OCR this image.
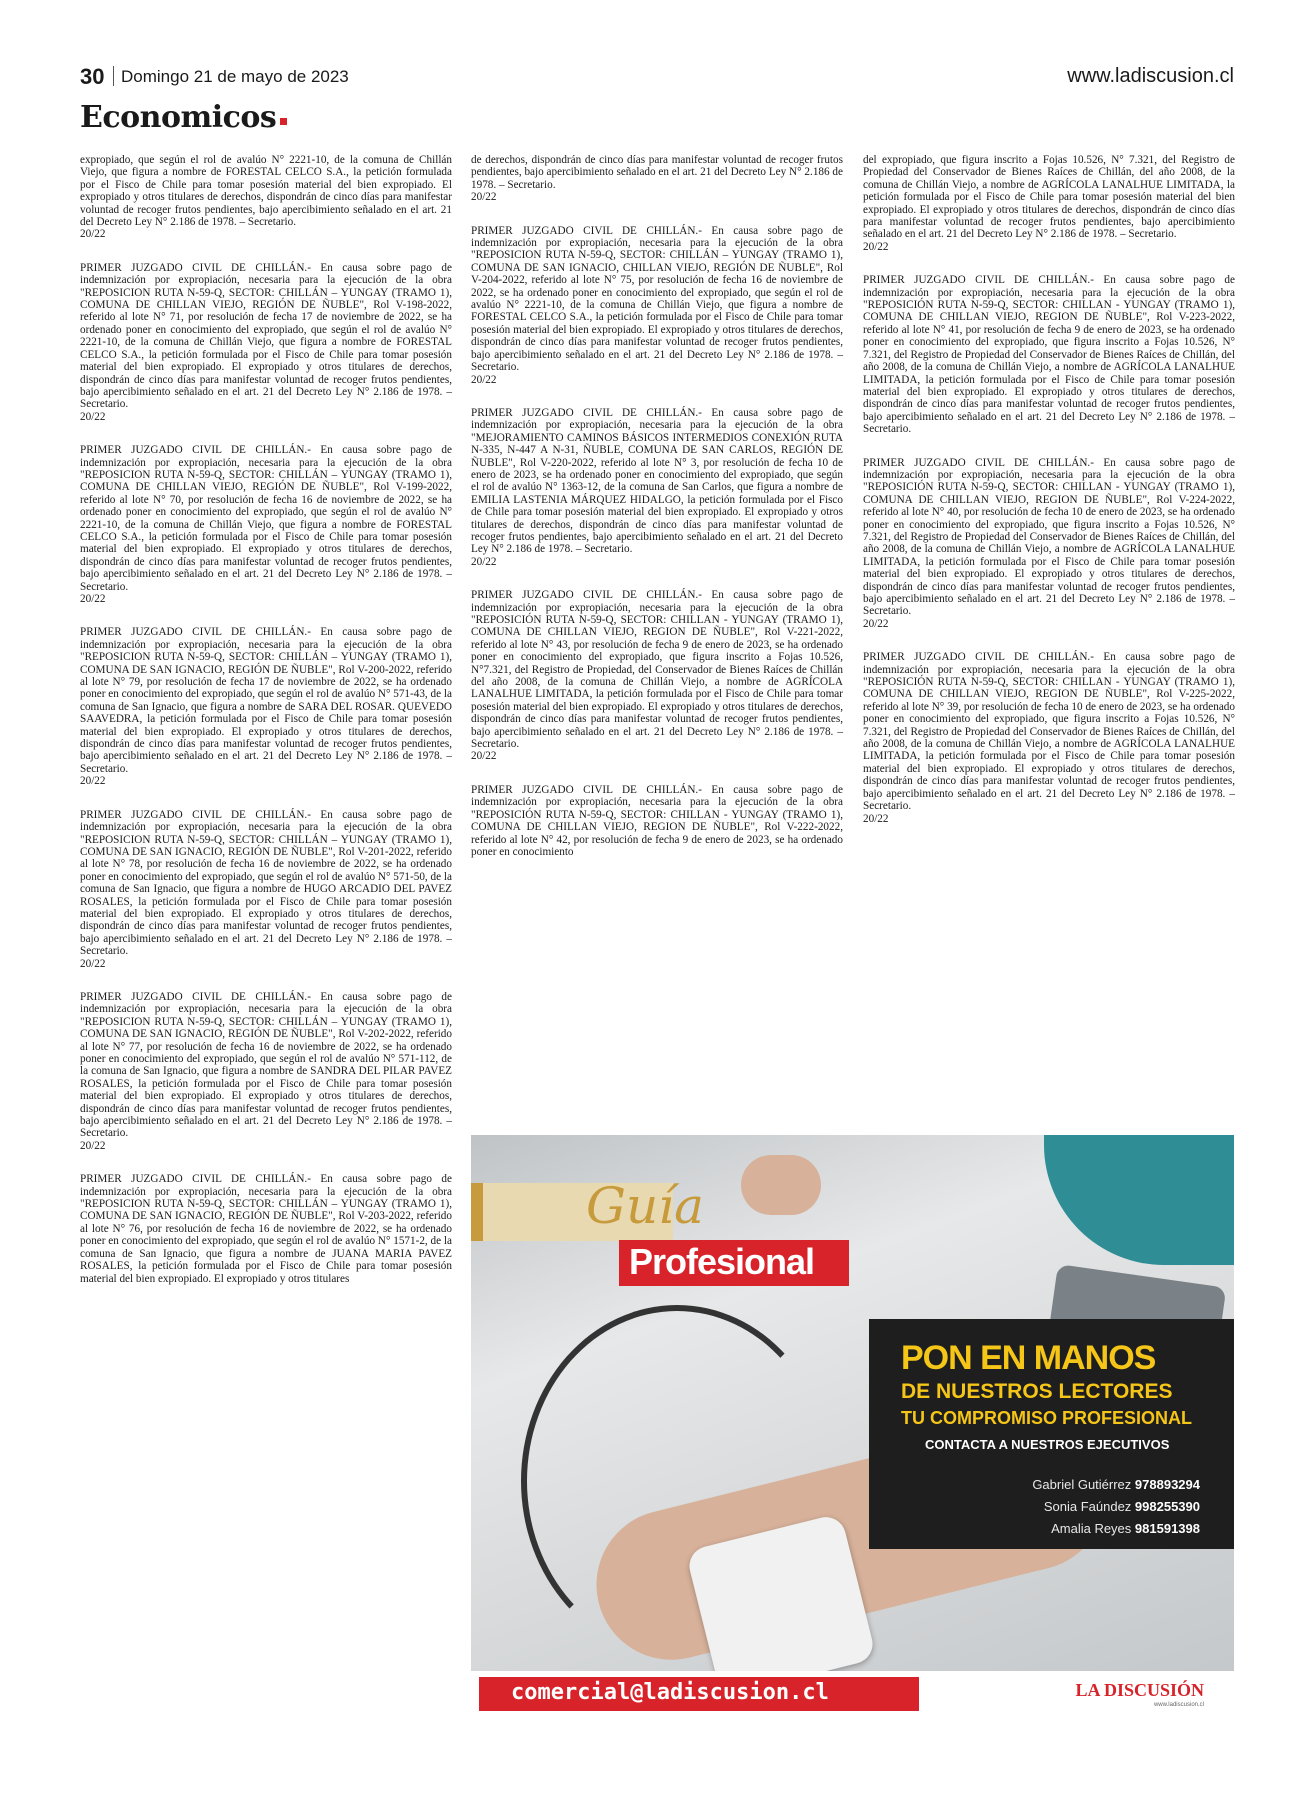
30 Domingo 21 de mayo de 2023	www.ladiscusion.cl
Economicos

expropiado, que según el rol de avalúo N° 2221-10, de la comuna de Chillán Viejo, que figura a nombre de FORESTAL CELCO S.A., la petición formulada por el Fisco de Chile para tomar posesión material del bien expropiado. El expropiado y otros titulares de derechos, dispondrán de cinco días para manifestar voluntad de recoger frutos pendientes, bajo apercibimiento señalado en el art. 21 del Decreto Ley N° 2.186 de 1978. – Secretario.
20/22

PRIMER JUZGADO CIVIL DE CHILLÁN.- En causa sobre pago de indemnización por expropiación, necesaria para la ejecución de la obra "REPOSICION RUTA N-59-Q, SECTOR: CHILLÁN – YUNGAY (TRAMO 1), COMUNA DE CHILLAN VIEJO, REGIÓN DE ÑUBLE", Rol V-198-2022, referido al lote N° 71, por resolución de fecha 17 de noviembre de 2022, se ha ordenado poner en conocimiento del expropiado, que según el rol de avalúo N° 2221-10, de la comuna de Chillán Viejo, que figura a nombre de FORESTAL CELCO S.A., la petición formulada por el Fisco de Chile para tomar posesión material del bien expropiado. El expropiado y otros titulares de derechos, dispondrán de cinco días para manifestar voluntad de recoger frutos pendientes, bajo apercibimiento señalado en el art. 21 del Decreto Ley N° 2.186 de 1978. – Secretario.
20/22

PRIMER JUZGADO CIVIL DE CHILLÁN.- En causa sobre pago de indemnización por expropiación, necesaria para la ejecución de la obra "REPOSICION RUTA N-59-Q, SECTOR: CHILLÁN – YUNGAY (TRAMO 1), COMUNA DE CHILLAN VIEJO, REGIÓN DE ÑUBLE", Rol V-199-2022, referido al lote N° 70, por resolución de fecha 16 de noviembre de 2022, se ha ordenado poner en conocimiento del expropiado, que según el rol de avalúo N° 2221-10, de la comuna de Chillán Viejo, que figura a nombre de FORESTAL CELCO S.A., la petición formulada por el Fisco de Chile para tomar posesión material del bien expropiado. El expropiado y otros titulares de derechos, dispondrán de cinco días para manifestar voluntad de recoger frutos pendientes, bajo apercibimiento señalado en el art. 21 del Decreto Ley N° 2.186 de 1978. – Secretario.
20/22

PRIMER JUZGADO CIVIL DE CHILLÁN.- En causa sobre pago de indemnización por expropiación, necesaria para la ejecución de la obra "REPOSICION RUTA N-59-Q, SECTOR: CHILLÁN – YUNGAY (TRAMO 1), COMUNA DE SAN IGNACIO, REGIÓN DE ÑUBLE", Rol V-200-2022, referido al lote N° 79, por resolución de fecha 17 de noviembre de 2022, se ha ordenado poner en conocimiento del expropiado, que según el rol de avalúo N° 571-43, de la comuna de San Ignacio, que figura a nombre de SARA DEL ROSAR. QUEVEDO SAAVEDRA, la petición formulada por el Fisco de Chile para tomar posesión material del bien expropiado. El expropiado y otros titulares de derechos, dispondrán de cinco días para manifestar voluntad de recoger frutos pendientes, bajo apercibimiento señalado en el art. 21 del Decreto Ley N° 2.186 de 1978. – Secretario.
20/22

PRIMER JUZGADO CIVIL DE CHILLÁN.- En causa sobre pago de indemnización por expropiación, necesaria para la ejecución de la obra "REPOSICION RUTA N-59-Q, SECTOR: CHILLÁN – YUNGAY (TRAMO 1), COMUNA DE SAN IGNACIO, REGIÓN DE ÑUBLE", Rol V-201-2022, referido al lote N° 78, por resolución de fecha 16 de noviembre de 2022, se ha ordenado poner en conocimiento del expropiado, que según el rol de avalúo N° 571-50, de la comuna de San Ignacio, que figura a nombre de HUGO ARCADIO DEL PAVEZ ROSALES, la petición formulada por el Fisco de Chile para tomar posesión material del bien expropiado. El expropiado y otros titulares de derechos, dispondrán de cinco días para manifestar voluntad de recoger frutos pendientes, bajo apercibimiento señalado en el art. 21 del Decreto Ley N° 2.186 de 1978. – Secretario.
20/22

PRIMER JUZGADO CIVIL DE CHILLÁN.- En causa sobre pago de indemnización por expropiación, necesaria para la ejecución de la obra "REPOSICION RUTA N-59-Q, SECTOR: CHILLÁN – YUNGAY (TRAMO 1), COMUNA DE SAN IGNACIO, REGIÓN DE ÑUBLE", Rol V-202-2022, referido al lote N° 77, por resolución de fecha 16 de noviembre de 2022, se ha ordenado poner en conocimiento del expropiado, que según el rol de avalúo N° 571-112, de la comuna de San Ignacio, que figura a nombre de SANDRA DEL PILAR PAVEZ ROSALES, la petición formulada por el Fisco de Chile para tomar posesión material del bien expropiado. El expropiado y otros titulares de derechos, dispondrán de cinco días para manifestar voluntad de recoger frutos pendientes, bajo apercibimiento señalado en el art. 21 del Decreto Ley N° 2.186 de 1978. – Secretario.
20/22

PRIMER JUZGADO CIVIL DE CHILLÁN.- En causa sobre pago de indemnización por expropiación, necesaria para la ejecución de la obra "REPOSICION RUTA N-59-Q, SECTOR: CHILLÁN – YUNGAY (TRAMO 1), COMUNA DE SAN IGNACIO, REGIÓN DE ÑUBLE", Rol V-203-2022, referido al lote N° 76, por resolución de fecha 16 de noviembre de 2022, se ha ordenado poner en conocimiento del expropiado, que según el rol de avalúo N° 1571-2, de la comuna de San Ignacio, que figura a nombre de JUANA MARIA PAVEZ ROSALES, la petición formulada por el Fisco de Chile para tomar posesión material del bien expropiado. El expropiado y otros titulares

de derechos, dispondrán de cinco días para manifestar voluntad de recoger frutos pendientes, bajo apercibimiento señalado en el art. 21 del Decreto Ley N° 2.186 de 1978. – Secretario.
20/22

PRIMER JUZGADO CIVIL DE CHILLÁN.- En causa sobre pago de indemnización por expropiación, necesaria para la ejecución de la obra "REPOSICION RUTA N-59-Q, SECTOR: CHILLÁN – YUNGAY (TRAMO 1), COMUNA DE SAN IGNACIO, CHILLAN VIEJO, REGIÓN DE ÑUBLE", Rol V-204-2022, referido al lote N° 75, por resolución de fecha 16 de noviembre de 2022, se ha ordenado poner en conocimiento del expropiado, que según el rol de avalúo N° 2221-10, de la comuna de Chillán Viejo, que figura a nombre de FORESTAL CELCO S.A., la petición formulada por el Fisco de Chile para tomar posesión material del bien expropiado. El expropiado y otros titulares de derechos, dispondrán de cinco días para manifestar voluntad de recoger frutos pendientes, bajo apercibimiento señalado en el art. 21 del Decreto Ley N° 2.186 de 1978. – Secretario.
20/22

PRIMER JUZGADO CIVIL DE CHILLÁN.- En causa sobre pago de indemnización por expropiación, necesaria para la ejecución de la obra "MEJORAMIENTO CAMINOS BÁSICOS INTERMEDIOS CONEXIÓN RUTA N-335, N-447 A N-31, ÑUBLE, COMUNA DE SAN CARLOS, REGIÓN DE ÑUBLE", Rol V-220-2022, referido al lote N° 3, por resolución de fecha 10 de enero de 2023, se ha ordenado poner en conocimiento del expropiado, que según el rol de avalúo N° 1363-12, de la comuna de San Carlos, que figura a nombre de EMILIA LASTENIA MÁRQUEZ HIDALGO, la petición formulada por el Fisco de Chile para tomar posesión material del bien expropiado. El expropiado y otros titulares de derechos, dispondrán de cinco días para manifestar voluntad de recoger frutos pendientes, bajo apercibimiento señalado en el art. 21 del Decreto Ley N° 2.186 de 1978. – Secretario.
20/22

PRIMER JUZGADO CIVIL DE CHILLÁN.- En causa sobre pago de indemnización por expropiación, necesaria para la ejecución de la obra "REPOSICIÓN RUTA N-59-Q, SECTOR: CHILLAN - YUNGAY (TRAMO 1), COMUNA DE CHILLAN VIEJO, REGION DE ÑUBLE", Rol V-221-2022, referido al lote N° 43, por resolución de fecha 9 de enero de 2023, se ha ordenado poner en conocimiento del expropiado, que figura inscrito a Fojas 10.526, N°7.321, del Registro de Propiedad, del Conservador de Bienes Raíces de Chillán del año 2008, de la comuna de Chillán Viejo, a nombre de AGRÍCOLA LANALHUE LIMITADA, la petición formulada por el Fisco de Chile para tomar posesión material del bien expropiado. El expropiado y otros titulares de derechos, dispondrán de cinco días para manifestar voluntad de recoger frutos pendientes, bajo apercibimiento señalado en el art. 21 del Decreto Ley N° 2.186 de 1978. – Secretario.
20/22

PRIMER JUZGADO CIVIL DE CHILLÁN.- En causa sobre pago de indemnización por expropiación, necesaria para la ejecución de la obra "REPOSICIÓN RUTA N-59-Q, SECTOR: CHILLAN - YUNGAY (TRAMO 1), COMUNA DE CHILLAN VIEJO, REGION DE ÑUBLE", Rol V-222-2022, referido al lote N° 42, por resolución de fecha 9 de enero de 2023, se ha ordenado poner en conocimiento

del expropiado, que figura inscrito a Fojas 10.526, N° 7.321, del Registro de Propiedad del Conservador de Bienes Raíces de Chillán, del año 2008, de la comuna de Chillán Viejo, a nombre de AGRÍCOLA LANALHUE LIMITADA, la petición formulada por el Fisco de Chile para tomar posesión material del bien expropiado. El expropiado y otros titulares de derechos, dispondrán de cinco días para manifestar voluntad de recoger frutos pendientes, bajo apercibimiento señalado en el art. 21 del Decreto Ley N° 2.186 de 1978. – Secretario.
20/22

PRIMER JUZGADO CIVIL DE CHILLÁN.- En causa sobre pago de indemnización por expropiación, necesaria para la ejecución de la obra "REPOSICIÓN RUTA N-59-Q, SECTOR: CHILLAN - YUNGAY (TRAMO 1), COMUNA DE CHILLAN VIEJO, REGION DE ÑUBLE", Rol V-223-2022, referido al lote N° 41, por resolución de fecha 9 de enero de 2023, se ha ordenado poner en conocimiento del expropiado, que figura inscrito a Fojas 10.526, N° 7.321, del Registro de Propiedad del Conservador de Bienes Raíces de Chillán, del año 2008, de la comuna de Chillán Viejo, a nombre de AGRÍCOLA LANALHUE LIMITADA, la petición formulada por el Fisco de Chile para tomar posesión material del bien expropiado. El expropiado y otros titulares de derechos, dispondrán de cinco días para manifestar voluntad de recoger frutos pendientes, bajo apercibimiento señalado en el art. 21 del Decreto Ley N° 2.186 de 1978. – Secretario.

PRIMER JUZGADO CIVIL DE CHILLÁN.- En causa sobre pago de indemnización por expropiación, necesaria para la ejecución de la obra "REPOSICIÓN RUTA N-59-Q, SECTOR: CHILLAN - YUNGAY (TRAMO 1), COMUNA DE CHILLAN VIEJO, REGION DE ÑUBLE", Rol V-224-2022, referido al lote N° 40, por resolución de fecha 10 de enero de 2023, se ha ordenado poner en conocimiento del expropiado, que figura inscrito a Fojas 10.526, N° 7.321, del Registro de Propiedad del Conservador de Bienes Raíces de Chillán, del año 2008, de la comuna de Chillán Viejo, a nombre de AGRÍCOLA LANALHUE LIMITADA, la petición formulada por el Fisco de Chile para tomar posesión material del bien expropiado. El expropiado y otros titulares de derechos, dispondrán de cinco días para manifestar voluntad de recoger frutos pendientes, bajo apercibimiento señalado en el art. 21 del Decreto Ley N° 2.186 de 1978. – Secretario.
20/22

PRIMER JUZGADO CIVIL DE CHILLÁN.- En causa sobre pago de indemnización por expropiación, necesaria para la ejecución de la obra "REPOSICIÓN RUTA N-59-Q, SECTOR: CHILLAN - YUNGAY (TRAMO 1), COMUNA DE CHILLAN VIEJO, REGION DE ÑUBLE", Rol V-225-2022, referido al lote N° 39, por resolución de fecha 10 de enero de 2023, se ha ordenado poner en conocimiento del expropiado, que figura inscrito a Fojas 10.526, N° 7.321, del Registro de Propiedad del Conservador de Bienes Raíces de Chillán, del año 2008, de la comuna de Chillán Viejo, a nombre de AGRÍCOLA LANALHUE LIMITADA, la petición formulada por el Fisco de Chile para tomar posesión material del bien expropiado. El expropiado y otros titulares de derechos, dispondrán de cinco días para manifestar voluntad de recoger frutos pendientes, bajo apercibimiento señalado en el art. 21 del Decreto Ley N° 2.186 de 1978. – Secretario.
20/22

Guía
Profesional
PON EN MANOS
DE NUESTROS LECTORES
TU COMPROMISO PROFESIONAL
CONTACTA A NUESTROS EJECUTIVOS
Gabriel Gutiérrez 978893294
Sonia Faúndez 998255390
Amalia Reyes 981591398
comercial@ladiscusion.cl	LA DISCUSIÓN
www.ladiscusion.cl
